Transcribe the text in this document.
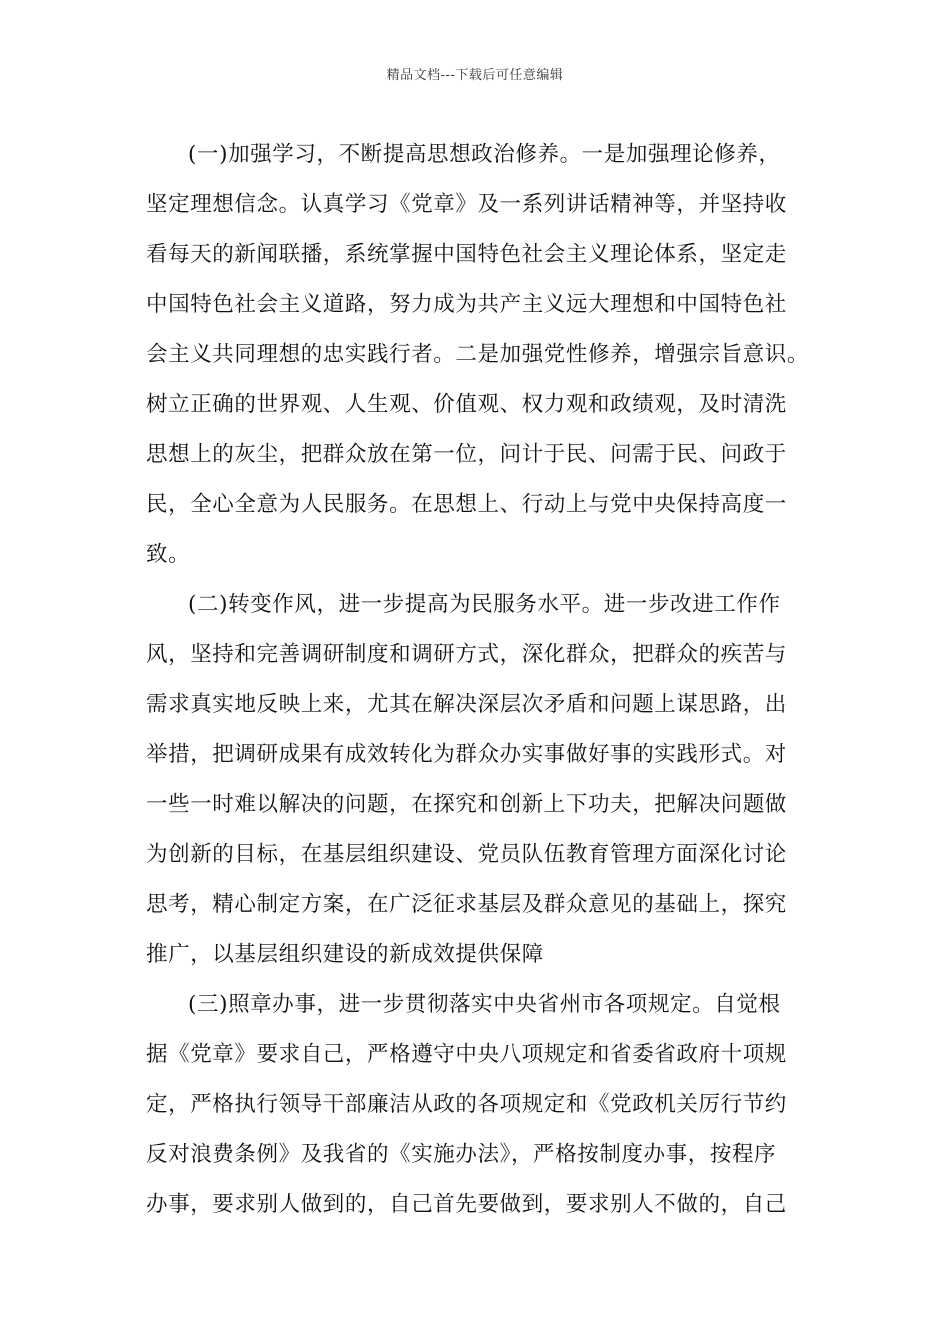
精品文档---下载后可任意编辑
(一)加强学习，不断提高思想政治修养。一是加强理论修养，
坚定理想信念。认真学习《党章》及一系列讲话精神等，并坚持收
看每天的新闻联播，系统掌握中国特色社会主义理论体系，坚定走
中国特色社会主义道路，努力成为共产主义远大理想和中国特色社
会主义共同理想的忠实践行者。二是加强党性修养，增强宗旨意识。
树立正确的世界观、人生观、价值观、权力观和政绩观，及时清洗
思想上的灰尘，把群众放在第一位，问计于民、问需于民、问政于
民，全心全意为人民服务。在思想上、行动上与党中央保持高度一
致。
(二)转变作风，进一步提高为民服务水平。进一步改进工作作
风，坚持和完善调研制度和调研方式，深化群众，把群众的疾苦与
需求真实地反映上来，尤其在解决深层次矛盾和问题上谋思路，出
举措，把调研成果有成效转化为群众办实事做好事的实践形式。对
一些一时难以解决的问题，在探究和创新上下功夫，把解决问题做
为创新的目标，在基层组织建设、党员队伍教育管理方面深化讨论
思考，精心制定方案，在广泛征求基层及群众意见的基础上，探究
推广，以基层组织建设的新成效提供保障
(三)照章办事，进一步贯彻落实中央省州市各项规定。自觉根
据《党章》要求自己，严格遵守中央八项规定和省委省政府十项规
定，严格执行领导干部廉洁从政的各项规定和《党政机关厉行节约
反对浪费条例》及我省的《实施办法》，严格按制度办事，按程序
办事，要求别人做到的，自己首先要做到，要求别人不做的，自己
